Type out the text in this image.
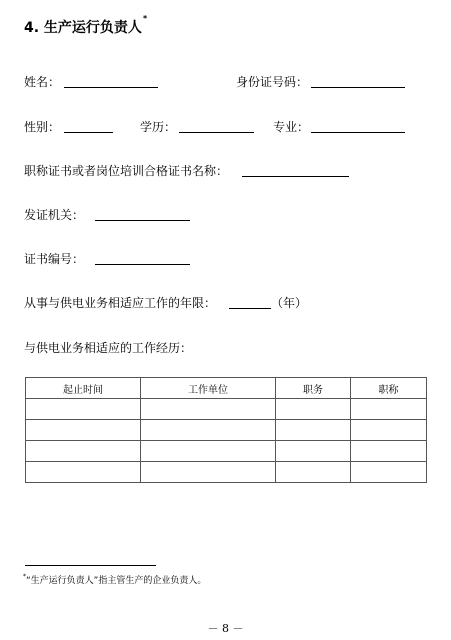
4. 生产运行负责人*
姓名：	身份证号码：
性别：	学历：	专业：
职称证书或者岗位培训合格证书名称：
发证机关：
证书编号：
从事与供电业务相适应工作的年限：	（年）
与供电业务相适应的工作经历：
起止时间	工作单位	职务	职称

*“生产运行负责人”指主管生产的企业负责人。
－ 8 －
